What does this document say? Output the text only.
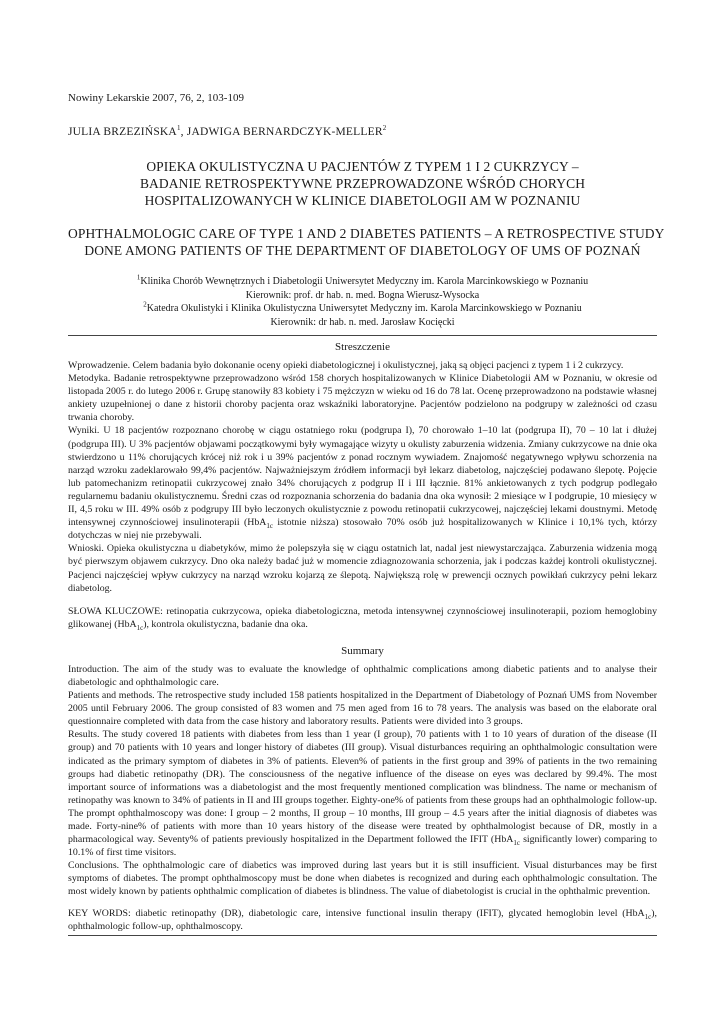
Nowiny Lekarskie 2007, 76, 2, 103-109
JULIA BRZEZIŃSKA$^1$, JADWIGA BERNARDCZYK-MELLER$^2$
OPIEKA OKULISTYCZNA U PACJENTÓW Z TYPEM 1 I 2 CUKRZYCY –
BADANIE RETROSPEKTYWNE PRZEPROWADZONE WŚRÓD CHORYCH
HOSPITALIZOWANYCH W KLINICE DIABETOLOGII AM W POZNANIU
OPHTHALMOLOGIC CARE OF TYPE 1 AND 2 DIABETES PATIENTS – A RETROSPECTIVE STUDY
DONE AMONG PATIENTS OF THE DEPARTMENT OF DIABETOLOGY OF UMS OF POZNAŃ
$^1$Klinika Chorób Wewnętrznych i Diabetologii Uniwersytet Medyczny im. Karola Marcinkowskiego w Poznaniu
Kierownik: prof. dr hab. n. med. Bogna Wierusz-Wysocka
$^2$Katedra Okulistyki i Klinika Okulistyczna Uniwersytet Medyczny im. Karola Marcinkowskiego w Poznaniu
Kierownik: dr hab. n. med. Jarosław Kocięcki
Streszczenie

Wprowadzenie. Celem badania było dokonanie oceny opieki diabetologicznej i okulistycznej, jaką są objęci pacjenci z typem 1 i 2 cukrzycy.

Metodyka. Badanie retrospektywne przeprowadzono wśród 158 chorych hospitalizowanych w Klinice Diabetologii AM w Poznaniu, w okresie od listopada 2005 r. do lutego 2006 r. Grupę stanowiły 83 kobiety i 75 mężczyzn w wieku od 16 do 78 lat. Ocenę przeprowadzono na podstawie własnej ankiety uzupełnionej o dane z historii choroby pacjenta oraz wskaźniki laboratoryjne. Pacjentów podzielono na podgrupy w zależności od czasu trwania choroby.

Wyniki. U 18 pacjentów rozpoznano chorobę w ciągu ostatniego roku (podgrupa I), 70 chorowało 1–10 lat (podgrupa II), 70 – 10 lat i dłużej (podgrupa III). U 3% pacjentów objawami początkowymi były wymagające wizyty u okulisty zaburzenia widzenia. Zmiany cukrzycowe na dnie oka stwierdzono u 11% chorujących krócej niż rok i u 39% pacjentów z ponad rocznym wywiadem. Znajomość negatywnego wpływu schorzenia na narząd wzroku zadeklarowało 99,4% pacjentów. Najważniejszym źródłem informacji był lekarz diabetolog, najczęściej podawano ślepotę. Pojęcie lub patomechanizm retinopatii cukrzycowej znało 34% chorujących z podgrup II i III łącznie. 81% ankietowanych z tych podgrup podlegało regularnemu badaniu okulistycznemu. Średni czas od rozpoznania schorzenia do badania dna oka wynosił: 2 miesiące w I podgrupie, 10 miesięcy w II, 4,5 roku w III. 49% osób z podgrupy III było leczonych okulistycznie z powodu retinopatii cukrzycowej, najczęściej lekami doustnymi. Metodę intensywnej czynnościowej insulinoterapii (HbA$_{1c}$ istotnie niższa) stosowało 70% osób już hospitalizowanych w Klinice i 10,1% tych, którzy dotychczas w niej nie przebywali.

Wnioski. Opieka okulistyczna u diabetyków, mimo że polepszyła się w ciągu ostatnich lat, nadal jest niewystarczająca. Zaburzenia widzenia mogą być pierwszym objawem cukrzycy. Dno oka należy badać już w momencie zdiagnozowania schorzenia, jak i podczas każdej kontroli okulistycznej. Pacjenci najczęściej wpływ cukrzycy na narząd wzroku kojarzą ze ślepotą. Największą rolę w prewencji ocznych powikłań cukrzycy pełni lekarz diabetolog.

SŁOWA KLUCZOWE: retinopatia cukrzycowa, opieka diabetologiczna, metoda intensywnej czynnościowej insulinoterapii, poziom hemoglobiny glikowanej (HbA$_{1c}$), kontrola okulistyczna, badanie dna oka.
Summary

Introduction. The aim of the study was to evaluate the knowledge of ophthalmic complications among diabetic patients and to analyse their diabetologic and ophthalmologic care.

Patients and methods. The retrospective study included 158 patients hospitalized in the Department of Diabetology of Poznań UMS from November 2005 until February 2006. The group consisted of 83 women and 75 men aged from 16 to 78 years. The analysis was based on the elaborate oral questionnaire completed with data from the case history and laboratory results. Patients were divided into 3 groups.

Results. The study covered 18 patients with diabetes from less than 1 year (I group), 70 patients with 1 to 10 years of duration of the disease (II group) and 70 patients with 10 years and longer history of diabetes (III group). Visual disturbances requiring an ophthalmologic consultation were indicated as the primary symptom of diabetes in 3% of patients. Eleven% of patients in the first group and 39% of patients in the two remaining groups had diabetic retinopathy (DR). The consciousness of the negative influence of the disease on eyes was declared by 99.4%. The most important source of informations was a diabetologist and the most frequently mentioned complication was blindness. The name or mechanism of retinopathy was known to 34% of patients in II and III groups together. Eighty-one% of patients from these groups had an ophthalmologic follow-up. The prompt ophthalmoscopy was done: I group – 2 months, II group – 10 months, III group – 4.5 years after the initial diagnosis of diabetes was made. Forty-nine% of patients with more than 10 years history of the disease were treated by ophthalmologist because of DR, mostly in a pharmacological way. Seventy% of patients previously hospitalized in the Department followed the IFIT (HbA$_{1c}$ significantly lower) comparing to 10.1% of first time visitors.

Conclusions. The ophthalmologic care of diabetics was improved during last years but it is still insufficient. Visual disturbances may be first symptoms of diabetes. The prompt ophthalmoscopy must be done when diabetes is recognized and during each ophthalmologic consultation. The most widely known by patients ophthalmic complication of diabetes is blindness. The value of diabetologist is crucial in the ophthalmic prevention.

KEY WORDS: diabetic retinopathy (DR), diabetologic care, intensive functional insulin therapy (IFIT), glycated hemoglobin level (HbA$_{1c}$), ophthalmologic follow-up, ophthalmoscopy.
